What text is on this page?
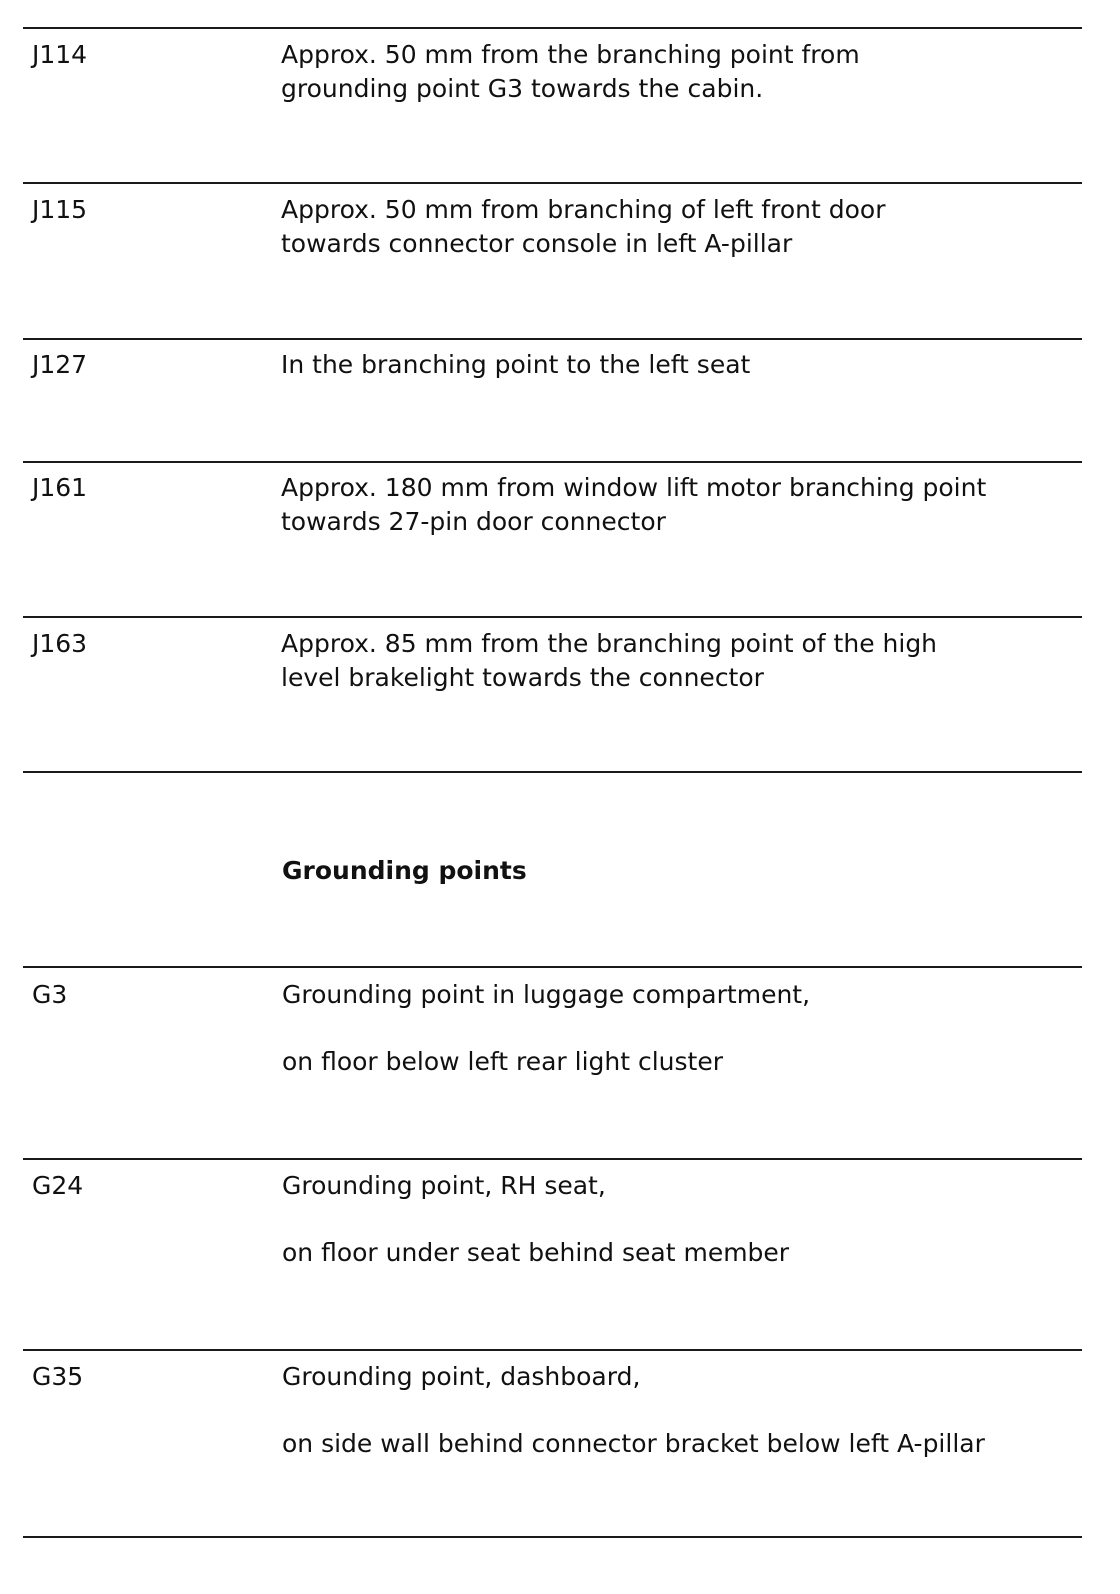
J114	Approx. 50 mm from the branching point from
grounding point G3 towards the cabin.
J115	Approx. 50 mm from branching of left front door
towards connector console in left A-pillar
J127	In the branching point to the left seat
J161	Approx. 180 mm from window lift motor branching point
towards 27-pin door connector
J163	Approx. 85 mm from the branching point of the high
level brakelight towards the connector
Grounding points
G3	Grounding point in luggage compartment,
on floor below left rear light cluster
G24	Grounding point, RH seat,
on floor under seat behind seat member
G35	Grounding point, dashboard,
on side wall behind connector bracket below left A-pillar
